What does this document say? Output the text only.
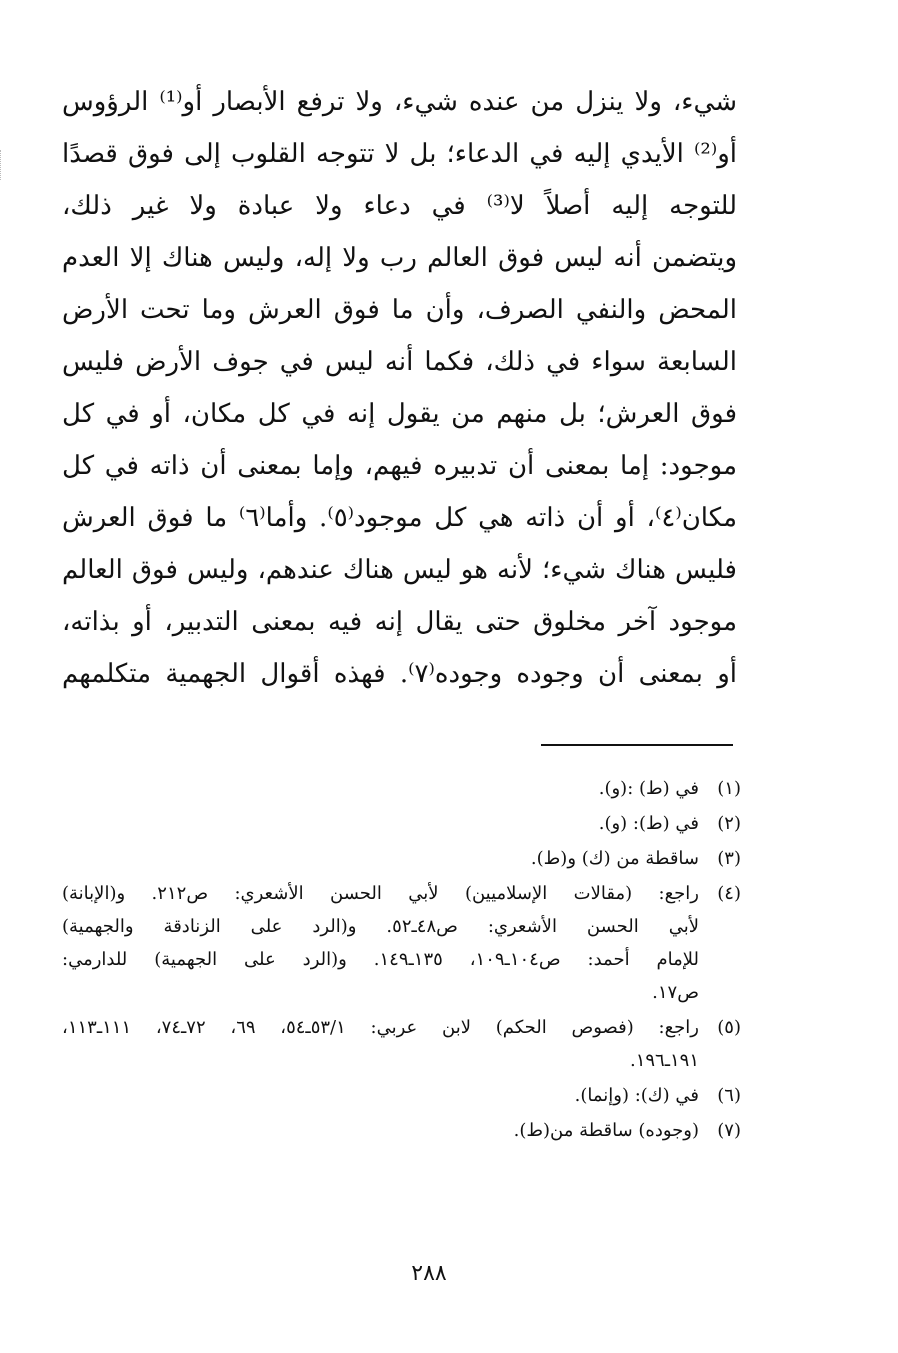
شيء، ولا ينزل من عنده شيء، ولا ترفع الأبصار أو⁽¹⁾ الرؤوس
أو⁽²⁾ الأيدي إليه في الدعاء؛ بل لا تتوجه القلوب إلى فوق قصدًا
للتوجه إليه أصلاً لا⁽³⁾ في دعاء ولا عبادة ولا غير ذلك،
ويتضمن أنه ليس فوق العالم رب ولا إله، وليس هناك إلا العدم
المحض والنفي الصرف، وأن ما فوق العرش وما تحت الأرض
السابعة سواء في ذلك، فكما أنه ليس في جوف الأرض فليس
فوق العرش؛ بل منهم من يقول إنه في كل مكان، أو في كل
موجود: إما بمعنى أن تدبيره فيهم، وإما بمعنى أن ذاته في كل
مكان⁽٤⁾، أو أن ذاته هي كل موجود⁽٥⁾. وأما⁽٦⁾ ما فوق العرش
فليس هناك شيء؛ لأنه هو ليس هناك عندهم، وليس فوق العالم
موجود آخر مخلوق حتى يقال إنه فيه بمعنى التدبير، أو بذاته،
أو بمعنى أن وجوده وجوده⁽٧⁾. فهذه أقوال الجهمية متكلمهم
(١)
في (ط) :(و).
(٢)
في (ط): (و).
(٣)
ساقطة من (ك) و(ط).
(٤)
راجع: (مقالات الإسلاميين) لأبي الحسن الأشعري: ص٢١٢. و(الإبانة)
لأبي الحسن الأشعري: ص٤٨ـ٥٢. و(الرد على الزنادقة والجهمية)
للإمام أحمد: ص١٠٤ـ١٠٩، ١٣٥ـ١٤٩. و(الرد على الجهمية) للدارمي:
ص١٧.
(٥)
راجع: (فصوص الحكم) لابن عربي: ٥٣/١ـ٥٤، ٦٩، ٧٢ـ٧٤، ١١١ـ١١٣،
١٩١ـ١٩٦.
(٦)
في (ك): (وإنما).
(٧)
(وجوده) ساقطة من(ط).
٢٨٨
